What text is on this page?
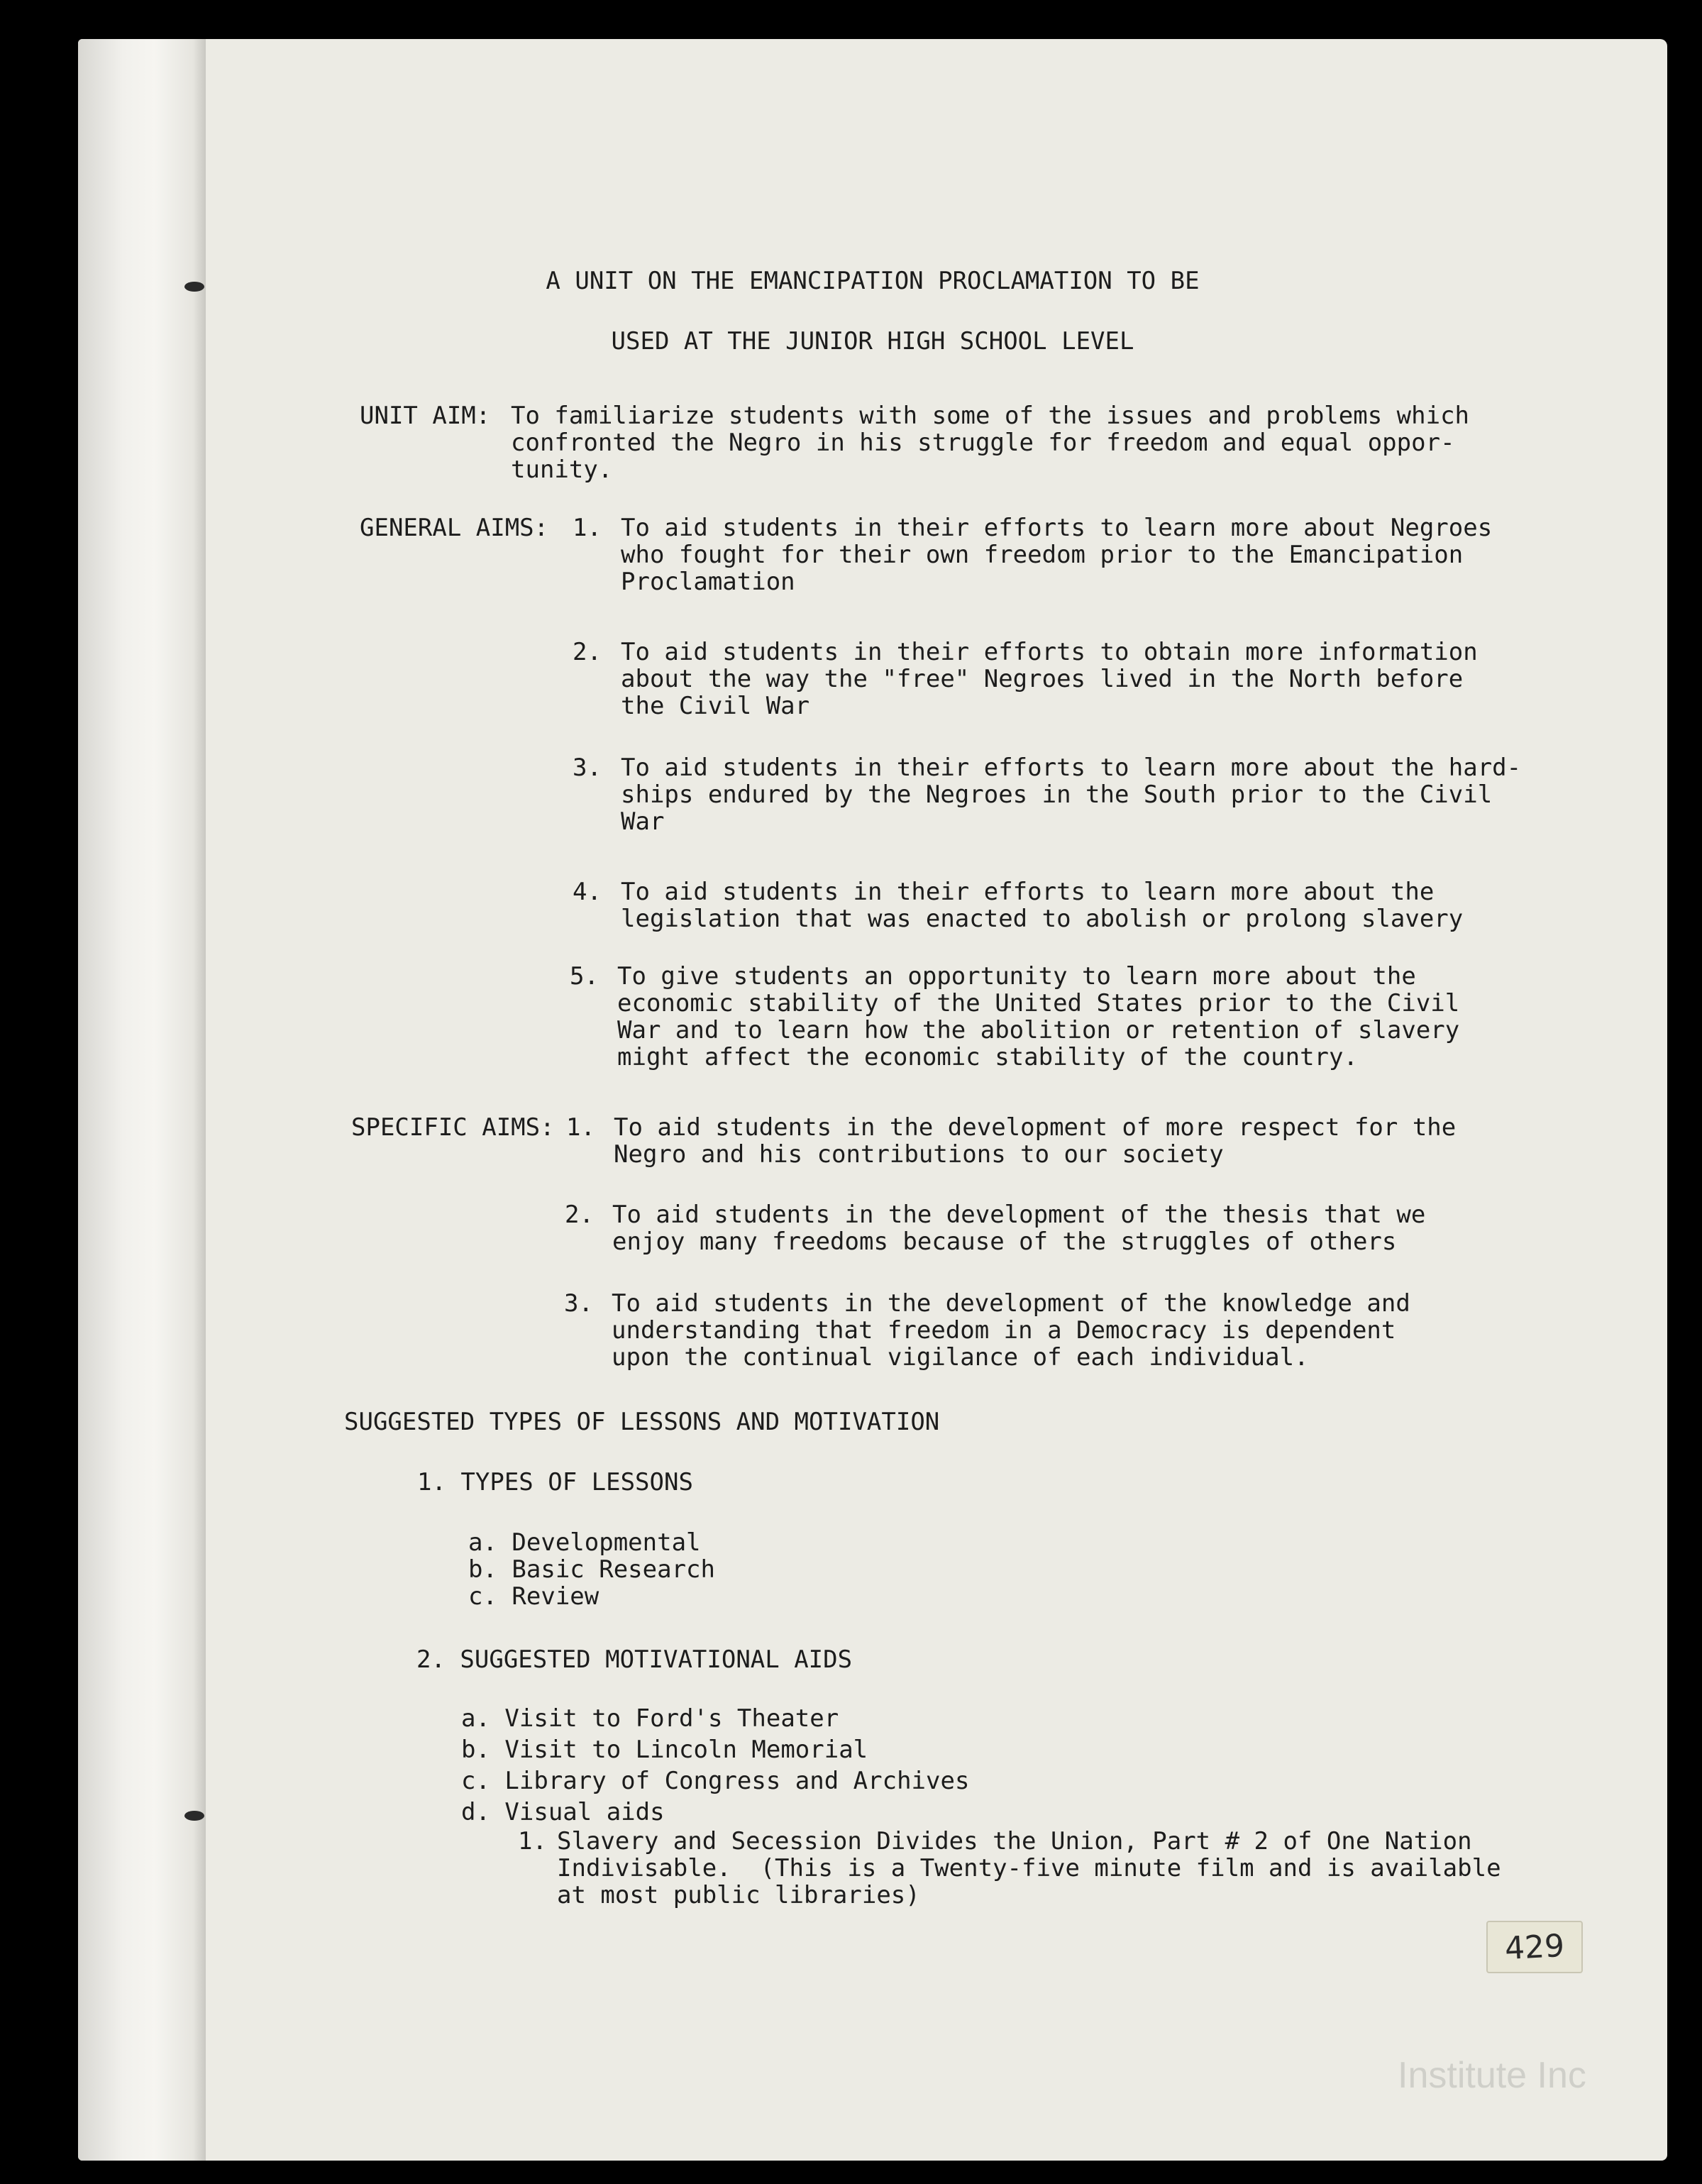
A UNIT ON THE EMANCIPATION PROCLAMATION TO BE
USED AT THE JUNIOR HIGH SCHOOL LEVEL
UNIT AIM: To familiarize students with some of the issues and problems which
confronted the Negro in his struggle for freedom and equal oppor-
tunity.
GENERAL AIMS: 1. To aid students in their efforts to learn more about Negroes
who fought for their own freedom prior to the Emancipation
Proclamation
2. To aid students in their efforts to obtain more information
about the way the "free" Negroes lived in the North before
the Civil War
3. To aid students in their efforts to learn more about the hard-
ships endured by the Negroes in the South prior to the Civil
War
4. To aid students in their efforts to learn more about the
legislation that was enacted to abolish or prolong slavery
5. To give students an opportunity to learn more about the
economic stability of the United States prior to the Civil
War and to learn how the abolition or retention of slavery
might affect the economic stability of the country.
SPECIFIC AIMS: 1. To aid students in the development of more respect for the
Negro and his contributions to our society
2. To aid students in the development of the thesis that we
enjoy many freedoms because of the struggles of others
3. To aid students in the development of the knowledge and
understanding that freedom in a Democracy is dependent
upon the continual vigilance of each individual.
SUGGESTED TYPES OF LESSONS AND MOTIVATION
1. TYPES OF LESSONS
a. Developmental
b. Basic Research
c. Review
2. SUGGESTED MOTIVATIONAL AIDS
a. Visit to Ford's Theater
b. Visit to Lincoln Memorial
c. Library of Congress and Archives
d. Visual aids
1. Slavery and Secession Divides the Union, Part # 2 of One Nation
Indivisable.  (This is a Twenty-five minute film and is available
at most public libraries)
429
Institute Inc
